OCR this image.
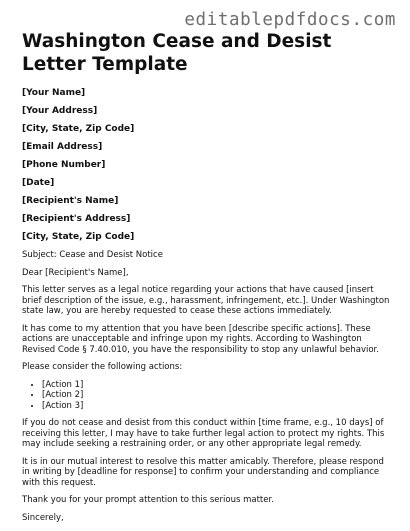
editablepdfdocs.com
Washington Cease and Desist Letter Template
[Your Name]
[Your Address]
[City, State, Zip Code]
[Email Address]
[Phone Number]
[Date]
[Recipient's Name]
[Recipient's Address]
[City, State, Zip Code]
Subject: Cease and Desist Notice
Dear [Recipient's Name],
This letter serves as a legal notice regarding your actions that have caused [insert brief description of the issue, e.g., harassment, infringement, etc.]. Under Washington state law, you are hereby requested to cease these actions immediately.
It has come to my attention that you have been [describe specific actions]. These actions are unacceptable and infringe upon my rights. According to Washington Revised Code § 7.40.010, you have the responsibility to stop any unlawful behavior.
Please consider the following actions:
• [Action 1]
• [Action 2]
• [Action 3]
If you do not cease and desist from this conduct within [time frame, e.g., 10 days] of receiving this letter, I may have to take further legal action to protect my rights. This may include seeking a restraining order, or any other appropriate legal remedy.
It is in our mutual interest to resolve this matter amicably. Therefore, please respond in writing by [deadline for response] to confirm your understanding and compliance with this request.
Thank you for your prompt attention to this serious matter.
Sincerely,
